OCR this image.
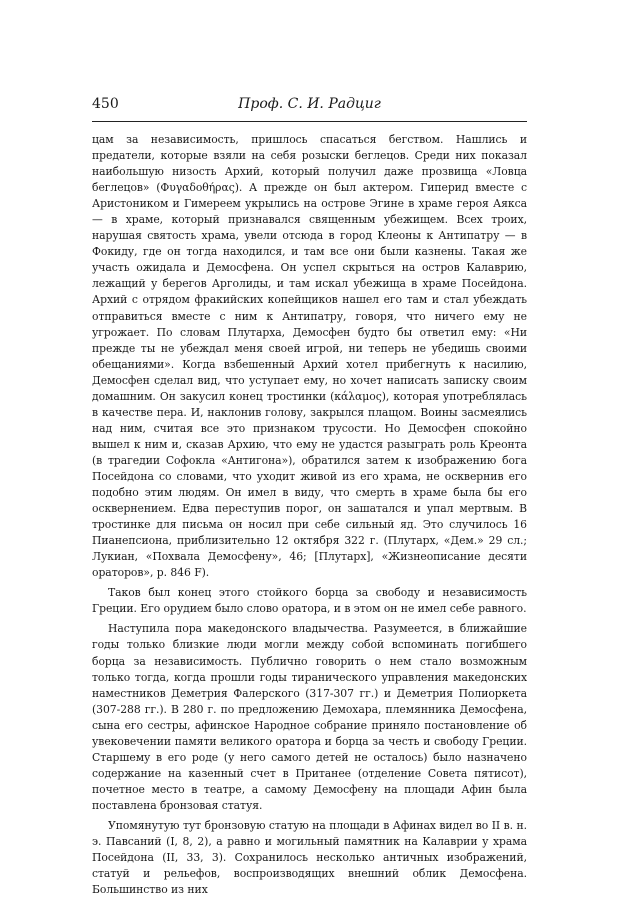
450	Проф. С. И. Радциг

цам за независимость, пришлось спасаться бегством. Нашлись и предатели, которые взяли на себя розыски беглецов. Среди них показал наибольшую низость Архий, который получил даже прозвища «Ловца беглецов» (Φυγαδοθήρας). А прежде он был актером. Гиперид вместе с Аристоником и Гимереем укрылись на острове Эгине в храме героя Аякса — в храме, который признавался священным убежищем. Всех троих, нарушая святость храма, увели отсюда в город Клеоны к Антипатру — в Фокиду, где он тогда находился, и там все они были казнены. Такая же участь ожидала и Демосфена. Он успел скрыться на остров Калаврию, лежащий у берегов Арголиды, и там искал убежища в храме Посейдона. Архий с отрядом фракийских копейщиков нашел его там и стал убеждать отправиться вместе с ним к Антипатру, говоря, что ничего ему не угрожает. По словам Плутарха, Демосфен будто бы ответил ему: «Ни прежде ты не убеждал меня своей игрой, ни теперь не убедишь своими обещаниями». Когда взбешенный Архий хотел прибегнуть к насилию, Демосфен сделал вид, что уступает ему, но хочет написать записку своим домашним. Он закусил конец тростинки (κάλαμος), которая употреблялась в качестве пера. И, наклонив голову, закрылся плащом. Воины засмеялись над ним, считая все это признаком трусости. Но Демосфен спокойно вышел к ним и, сказав Архию, что ему не удастся разыграть роль Креонта (в трагедии Софокла «Антигона»), обратился затем к изображению бога Посейдона со словами, что уходит живой из его храма, не осквернив его подобно этим людям. Он имел в виду, что смерть в храме была бы его осквернением. Едва переступив порог, он зашатался и упал мертвым. В тростинке для письма он носил при себе сильный яд. Это случилось 16 Пианепсиона, приблизительно 12 октября 322 г. (Плутарх, «Дем.» 29 сл.; Лукиан, «Похвала Демосфену», 46; [Плутарх], «Жизнеописание десяти ораторов», р. 846 F).

Таков был конец этого стойкого борца за свободу и независимость Греции. Его орудием было слово оратора, и в этом он не имел себе равного.

Наступила пора македонского владычества. Разумеется, в ближайшие годы только близкие люди могли между собой вспоминать погибшего борца за независимость. Публично говорить о нем стало возможным только тогда, когда прошли годы тиранического управления македонских наместников Деметрия Фалерского (317-307 гг.) и Деметрия Полиоркета (307-288 гг.). В 280 г. по предложению Демохара, племянника Демосфена, сына его сестры, афинское Народное собрание приняло постановление об увековечении памяти великого оратора и борца за честь и свободу Греции. Старшему в его роде (у него самого детей не осталось) было назначено содержание на казенный счет в Пританее (отделение Совета пятисот), почетное место в театре, а самому Демосфену на площади Афин была поставлена бронзовая статуя.

Упомянутую тут бронзовую статую на площади в Афинах видел во II в. н. э. Павсаний (I, 8, 2), а равно и могильный памятник на Калаврии у храма Посейдона (II, 33, 3). Сохранилось несколько античных изображений, статуй и рельефов, воспроизводящих внешний облик Демосфена. Большинство из них
